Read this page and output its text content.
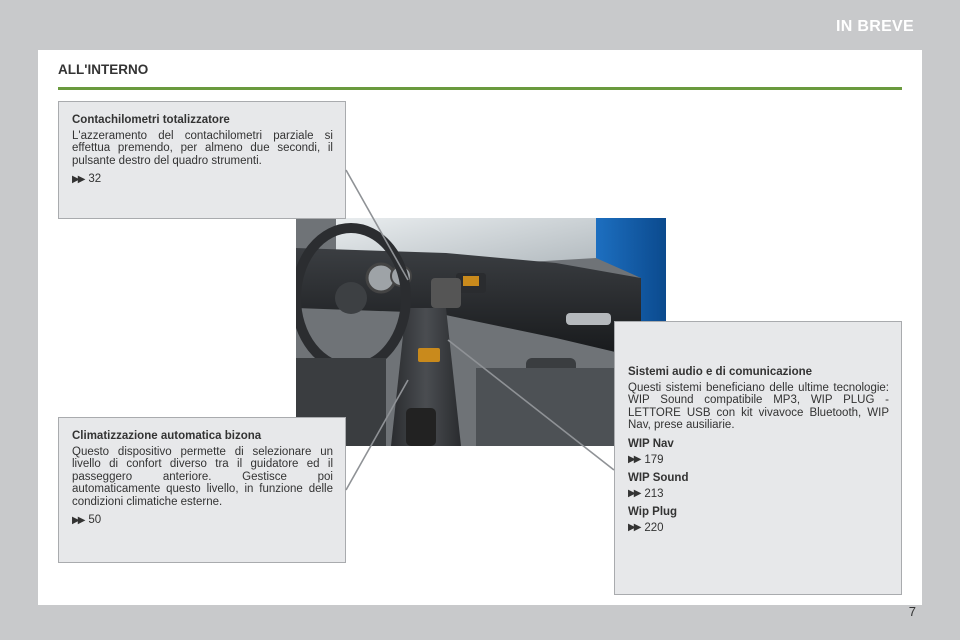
IN BREVE
ALL'INTERNO
Contachilometri totalizzatore
L'azzeramento del contachilometri parziale si effettua premendo, per almeno due secondi, il pulsante destro del quadro strumenti.
▶▶ 32
Climatizzazione automatica bizona
Questo dispositivo permette di selezionare un livello di confort diverso tra il guidatore ed il passeggero anteriore. Gestisce poi automaticamente questo livello, in funzione delle condizioni climatiche esterne.
▶▶ 50
Sistemi audio e di comunicazione
Questi sistemi beneficiano delle ultime tecnologie: WIP Sound compatibile MP3, WIP PLUG - LETTORE USB con kit vivavoce Bluetooth, WIP Nav, prese ausiliarie.
WIP Nav
▶▶ 179
WIP Sound
▶▶ 213
Wip Plug
▶▶ 220
7
